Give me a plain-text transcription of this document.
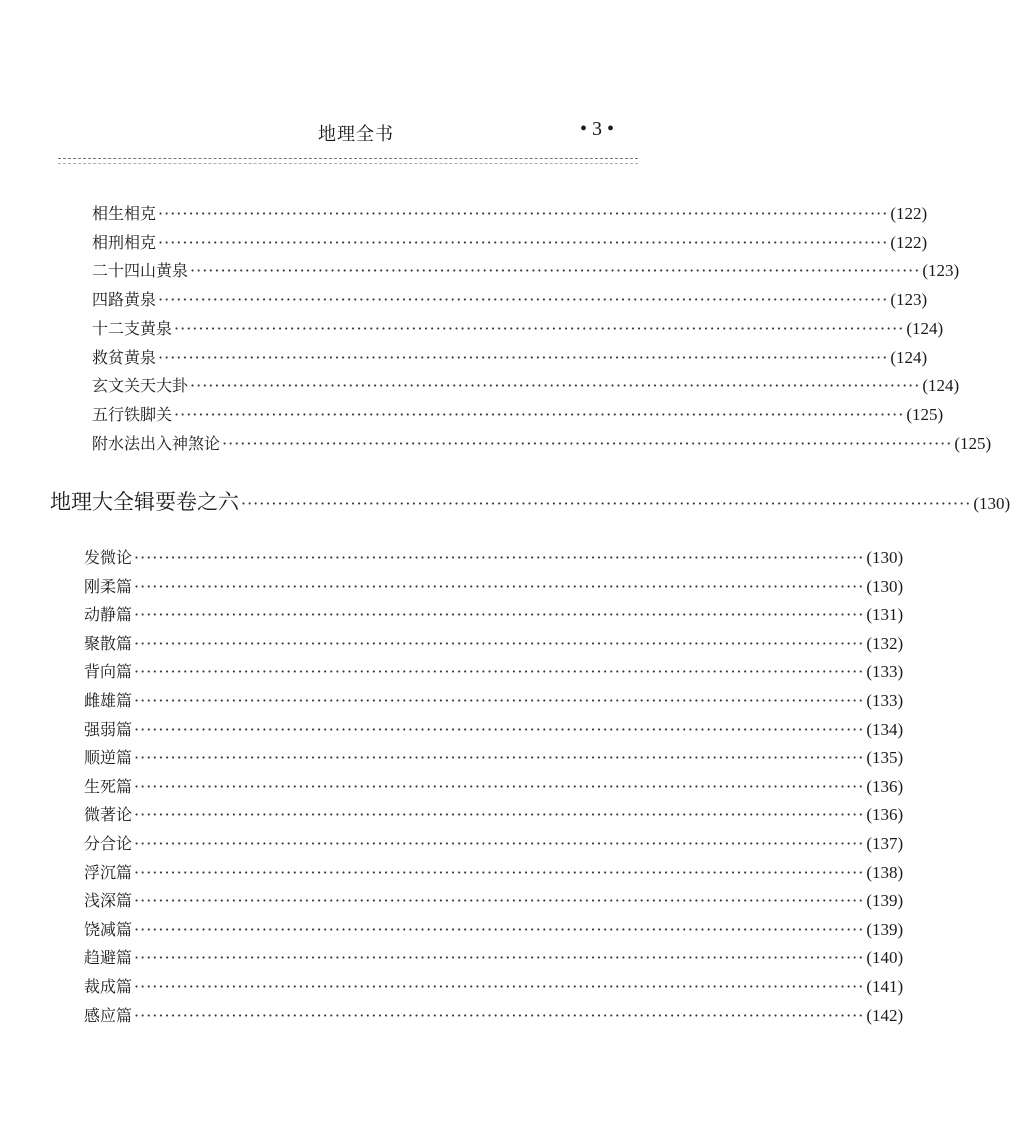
地理全书	• 3 •
相生相克 ························································································································ (122)
相刑相克 ························································································································ (122)
二十四山黄泉 ························································································································ (123)
四路黄泉 ························································································································ (123)
十二支黄泉 ························································································································ (124)
救贫黄泉 ························································································································ (124)
玄文关天大卦 ························································································································ (124)
五行铁脚关 ························································································································ (125)
附水法出入神煞论 ························································································································ (125)
地理大全辑要卷之六 ························································································································ (130)
发微论 ························································································································ (130)
刚柔篇 ························································································································ (130)
动静篇 ························································································································ (131)
聚散篇 ························································································································ (132)
背向篇 ························································································································ (133)
雌雄篇 ························································································································ (133)
强弱篇 ························································································································ (134)
顺逆篇 ························································································································ (135)
生死篇 ························································································································ (136)
微著论 ························································································································ (136)
分合论 ························································································································ (137)
浮沉篇 ························································································································ (138)
浅深篇 ························································································································ (139)
饶减篇 ························································································································ (139)
趋避篇 ························································································································ (140)
裁成篇 ························································································································ (141)
感应篇 ························································································································ (142)
